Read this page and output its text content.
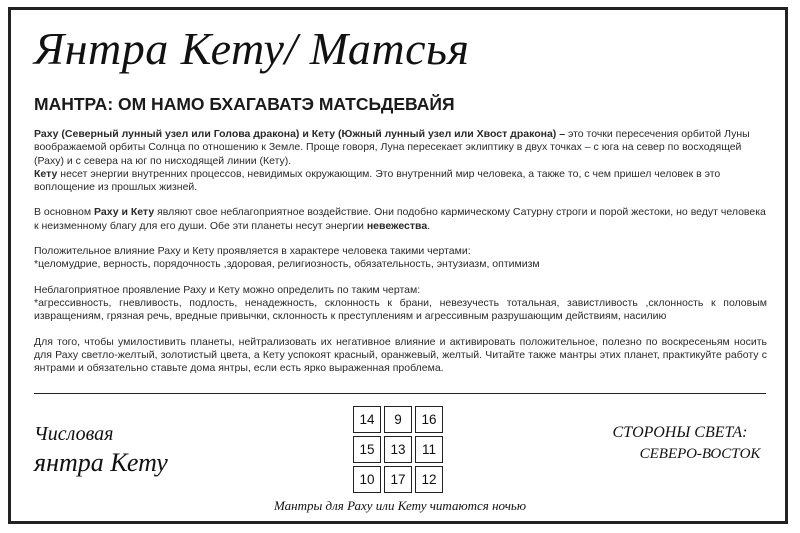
Янтра Кету/ Матсья
МАНТРА: ОМ НАМО БХАГАВАТЭ МАТСЬДЕВАЙЯ

Раху (Северный лунный узел или Голова дракона) и Кету (Южный лунный узел или Хвост дракона) – это точки пересечения орбитой Луны воображаемой орбиты Солнца по отношению к Земле. Проще говоря, Луна пересекает эклиптику в двух точках – с юга на север по восходящей (Раху) и с севера на юг по нисходящей линии (Кету).
Кету несет энергии внутренних процессов, невидимых окружающим. Это внутренний мир человека, а также то, с чем пришел человек в это воплощение из прошлых жизней.

В основном Раху и Кету являют свое неблагоприятное воздействие. Они подобно кармическому Сатурну строги и порой жестоки, но ведут человека к неизменному благу для его души. Обе эти планеты несут энергии невежества.

Положительное влияние Раху и Кету проявляется в характере человека такими чертами:
*целомудрие, верность, порядочность ,здоровая, религиозность, обязательность, энтузиазм, оптимизм

Неблагоприятное проявление Раху и Кету можно определить по таким чертам:
*агрессивность, гневливость, подлость, ненадежность, склонность к брани, невезучесть тотальная, завистливость ,склонность к половым извращениям, грязная речь, вредные привычки, склонность к преступлениям и агрессивным разрушающим действиям, насилию

Для того, чтобы умилостивить планеты, нейтрализовать их негативное влияние и активировать положительное, полезно по воскресеньям носить для Раху светло-желтый, золотистый цвета, а Кету успокоят красный, оранжевый, желтый. Читайте также мантры этих планет, практикуйте работу с янтрами и обязательно ставьте дома янтры, если есть ярко выраженная проблема.

Числовая
янтра Кету
14	9	16
15	13	11
10	17	12
СТОРОНЫ СВЕТА:
СЕВЕРО-ВОСТОК
Мантры для Раху или Кету читаются ночью
